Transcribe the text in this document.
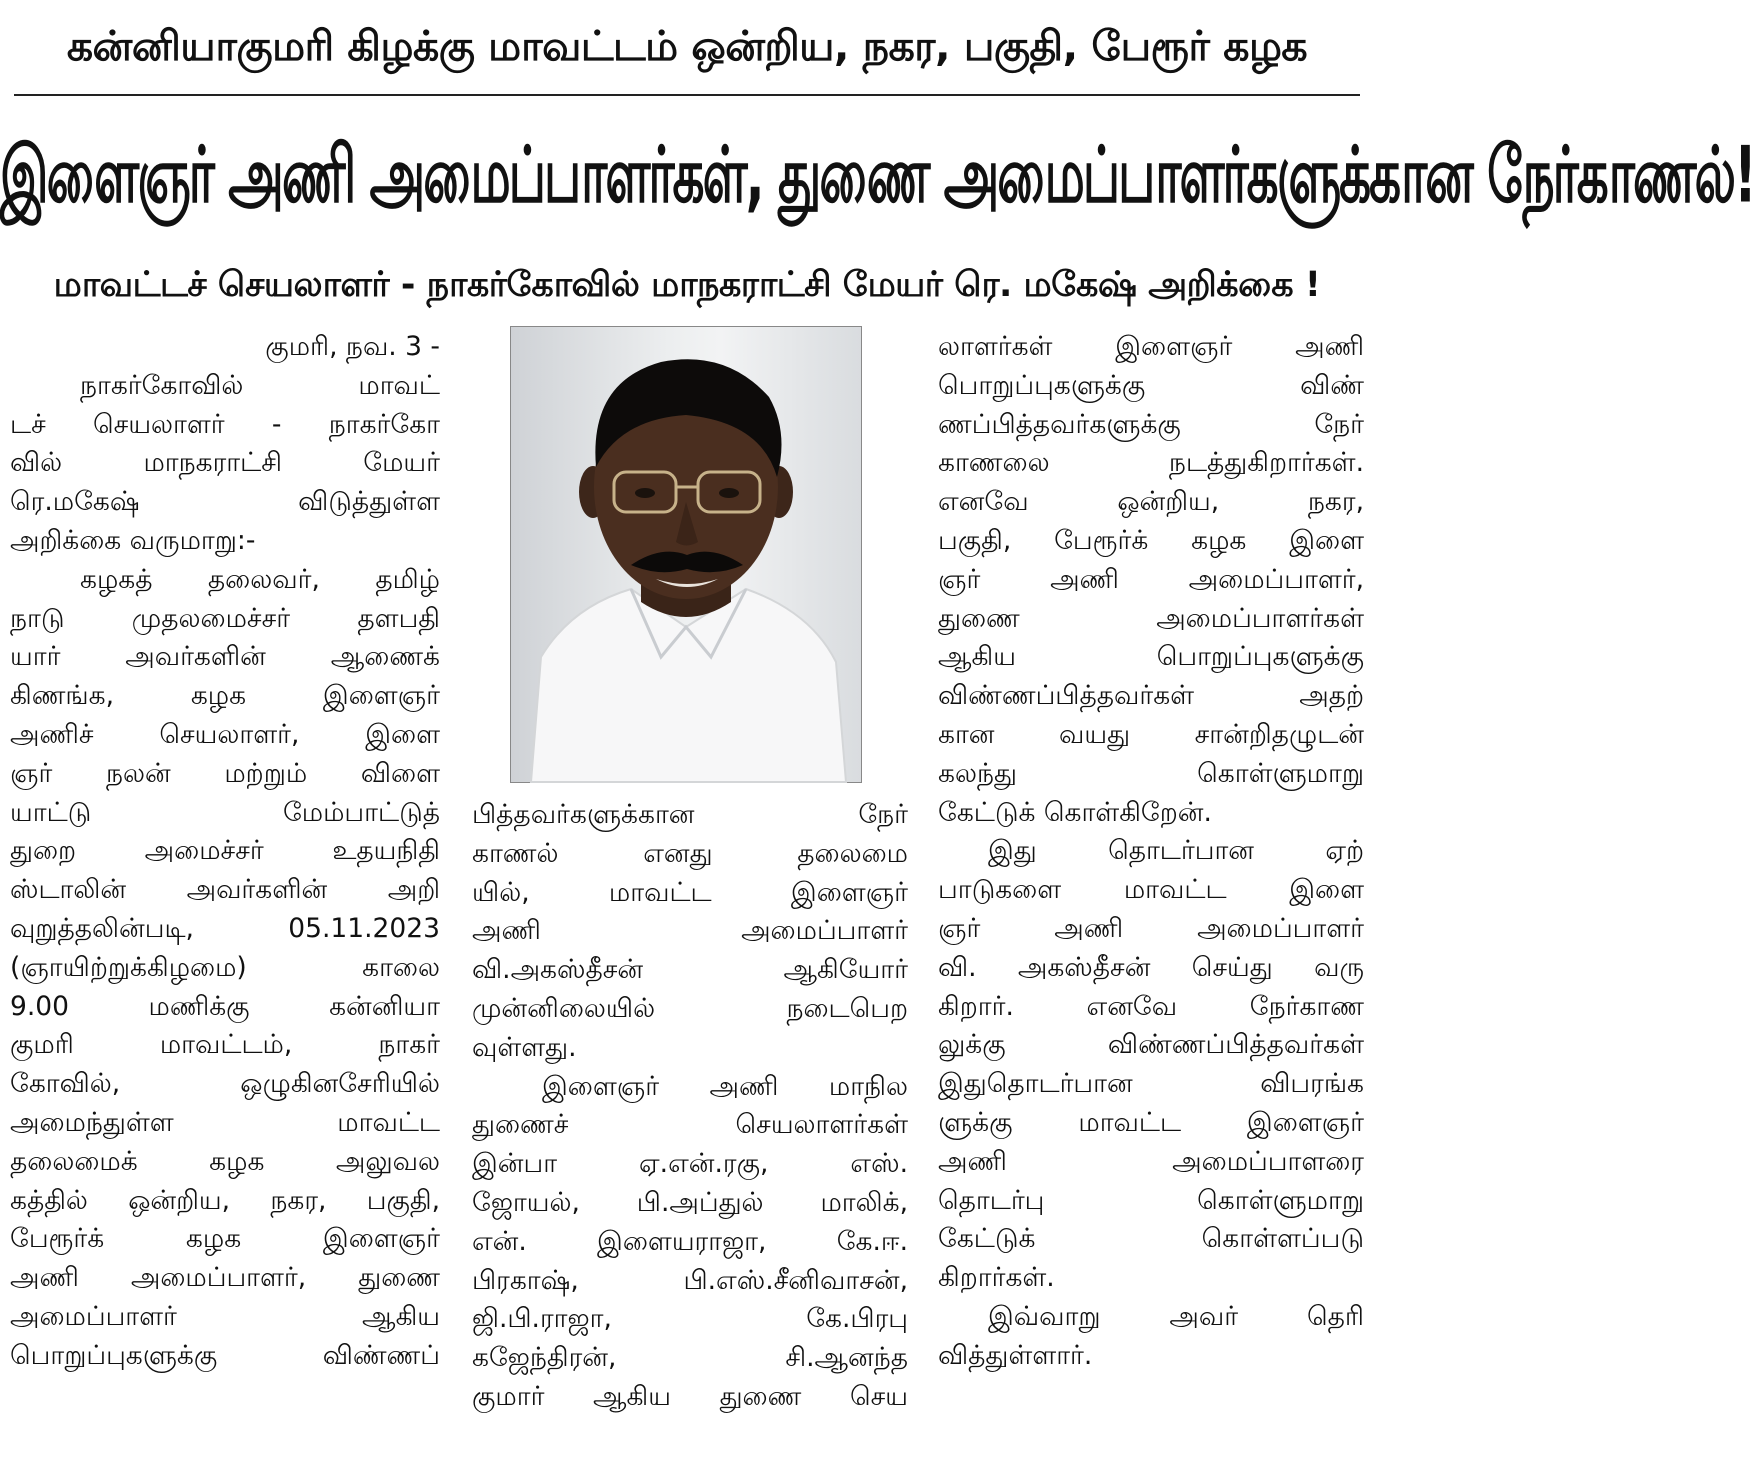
கன்னியாகுமரி கிழக்கு மாவட்டம் ஒன்றிய, நகர, பகுதி, பேரூர் கழக
இளைஞர் அணி அமைப்பாளர்கள், துணை அமைப்பாளர்களுக்கான நேர்காணல்!
மாவட்டச் செயலாளர் - நாகர்கோவில் மாநகராட்சி மேயர் ரெ. மகேஷ் அறிக்கை !
குமரி, நவ. 3 -
நாகர்கோவில் மாவட்
டச் செயலாளர் - நாகர்கோ
வில் மாநகராட்சி மேயர்
ரெ.மகேஷ் விடுத்துள்ள
அறிக்கை வருமாறு:-
கழகத் தலைவர், தமிழ்
நாடு முதலமைச்சர் தளபதி
யார் அவர்களின் ஆணைக்
கிணங்க, கழக இளைஞர்
அணிச் செயலாளர், இளை
ஞர் நலன் மற்றும் விளை
யாட்டு மேம்பாட்டுத்
துறை அமைச்சர் உதயநிதி
ஸ்டாலின் அவர்களின் அறி
வுறுத்தலின்படி, 05.11.2023
(ஞாயிற்றுக்கிழமை) காலை
9.00 மணிக்கு கன்னியா
குமரி மாவட்டம், நாகர்
கோவில், ஒழுகினசேரியில்
அமைந்துள்ள மாவட்ட
தலைமைக் கழக அலுவல
கத்தில் ஒன்றிய, நகர, பகுதி,
பேரூர்க் கழக இளைஞர்
அணி அமைப்பாளர், துணை
அமைப்பாளர் ஆகிய
பொறுப்புகளுக்கு விண்ணப்
பித்தவர்களுக்கான நேர்
காணல் எனது தலைமை
யில், மாவட்ட இளைஞர்
அணி அமைப்பாளர்
வி.அகஸ்தீசன் ஆகியோர்
முன்னிலையில் நடைபெற
வுள்ளது.
இளைஞர் அணி மாநில
துணைச் செயலாளர்கள்
இன்பா ஏ.என்.ரகு, எஸ்.
ஜோயல், பி.அப்துல் மாலிக்,
என். இளையராஜா, கே.ஈ.
பிரகாஷ், பி.எஸ்.சீனிவாசன்,
ஜி.பி.ராஜா, கே.பிரபு
கஜேந்திரன், சி.ஆனந்த
குமார் ஆகிய துணை செய
லாளர்கள் இளைஞர் அணி
பொறுப்புகளுக்கு விண்
ணப்பித்தவர்களுக்கு நேர்
காணலை நடத்துகிறார்கள்.
எனவே ஒன்றிய, நகர,
பகுதி, பேரூர்க் கழக இளை
ஞர் அணி அமைப்பாளர்,
துணை அமைப்பாளர்கள்
ஆகிய பொறுப்புகளுக்கு
விண்ணப்பித்தவர்கள் அதற்
கான வயது சான்றிதழுடன்
கலந்து கொள்ளுமாறு
கேட்டுக் கொள்கிறேன்.
இது தொடர்பான ஏற்
பாடுகளை மாவட்ட இளை
ஞர் அணி அமைப்பாளர்
வி. அகஸ்தீசன் செய்து வரு
கிறார். எனவே நேர்காண
லுக்கு விண்ணப்பித்தவர்கள்
இதுதொடர்பான விபரங்க
ளுக்கு மாவட்ட இளைஞர்
அணி அமைப்பாளரை
தொடர்பு கொள்ளுமாறு
கேட்டுக் கொள்ளப்படு
கிறார்கள்.
இவ்வாறு அவர் தெரி
வித்துள்ளார்.
